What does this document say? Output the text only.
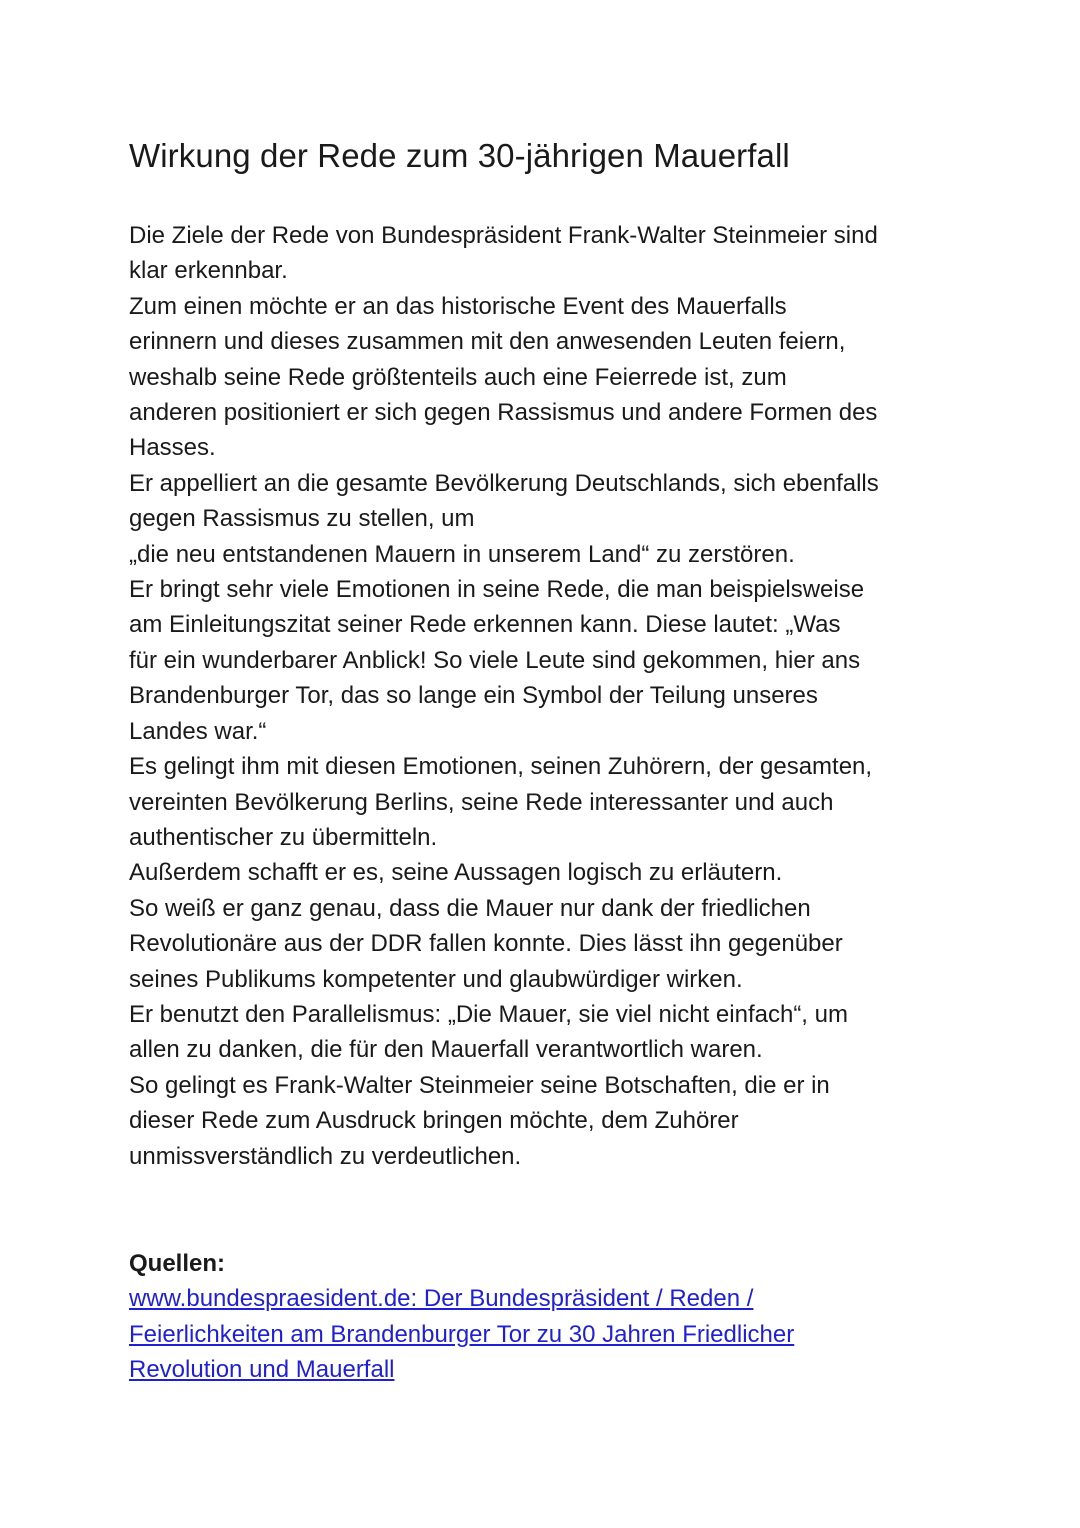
Wirkung der Rede zum 30-jährigen Mauerfall
Die Ziele der Rede von Bundespräsident Frank-Walter Steinmeier sind
klar erkennbar.
Zum einen möchte er an das historische Event des Mauerfalls
erinnern und dieses zusammen mit den anwesenden Leuten feiern,
weshalb seine Rede größtenteils auch eine Feierrede ist, zum
anderen positioniert er sich gegen Rassismus und andere Formen des
Hasses.
Er appelliert an die gesamte Bevölkerung Deutschlands, sich ebenfalls
gegen Rassismus zu stellen, um
„die neu entstandenen Mauern in unserem Land“ zu zerstören.
Er bringt sehr viele Emotionen in seine Rede, die man beispielsweise
am Einleitungszitat seiner Rede erkennen kann. Diese lautet: „Was
für ein wunderbarer Anblick! So viele Leute sind gekommen, hier ans
Brandenburger Tor, das so lange ein Symbol der Teilung unseres
Landes war.“
Es gelingt ihm mit diesen Emotionen, seinen Zuhörern, der gesamten,
vereinten Bevölkerung Berlins, seine Rede interessanter und auch
authentischer zu übermitteln.
Außerdem schafft er es, seine Aussagen logisch zu erläutern.
So weiß er ganz genau, dass die Mauer nur dank der friedlichen
Revolutionäre aus der DDR fallen konnte. Dies lässt ihn gegenüber
seines Publikums kompetenter und glaubwürdiger wirken.
Er benutzt den Parallelismus: „Die Mauer, sie viel nicht einfach“, um
allen zu danken, die für den Mauerfall verantwortlich waren.
So gelingt es Frank-Walter Steinmeier seine Botschaften, die er in
dieser Rede zum Ausdruck bringen möchte, dem Zuhörer
unmissverständlich zu verdeutlichen.
Quellen:
www.bundespraesident.de: Der Bundespräsident / Reden /
Feierlichkeiten am Brandenburger Tor zu 30 Jahren Friedlicher
Revolution und Mauerfall
